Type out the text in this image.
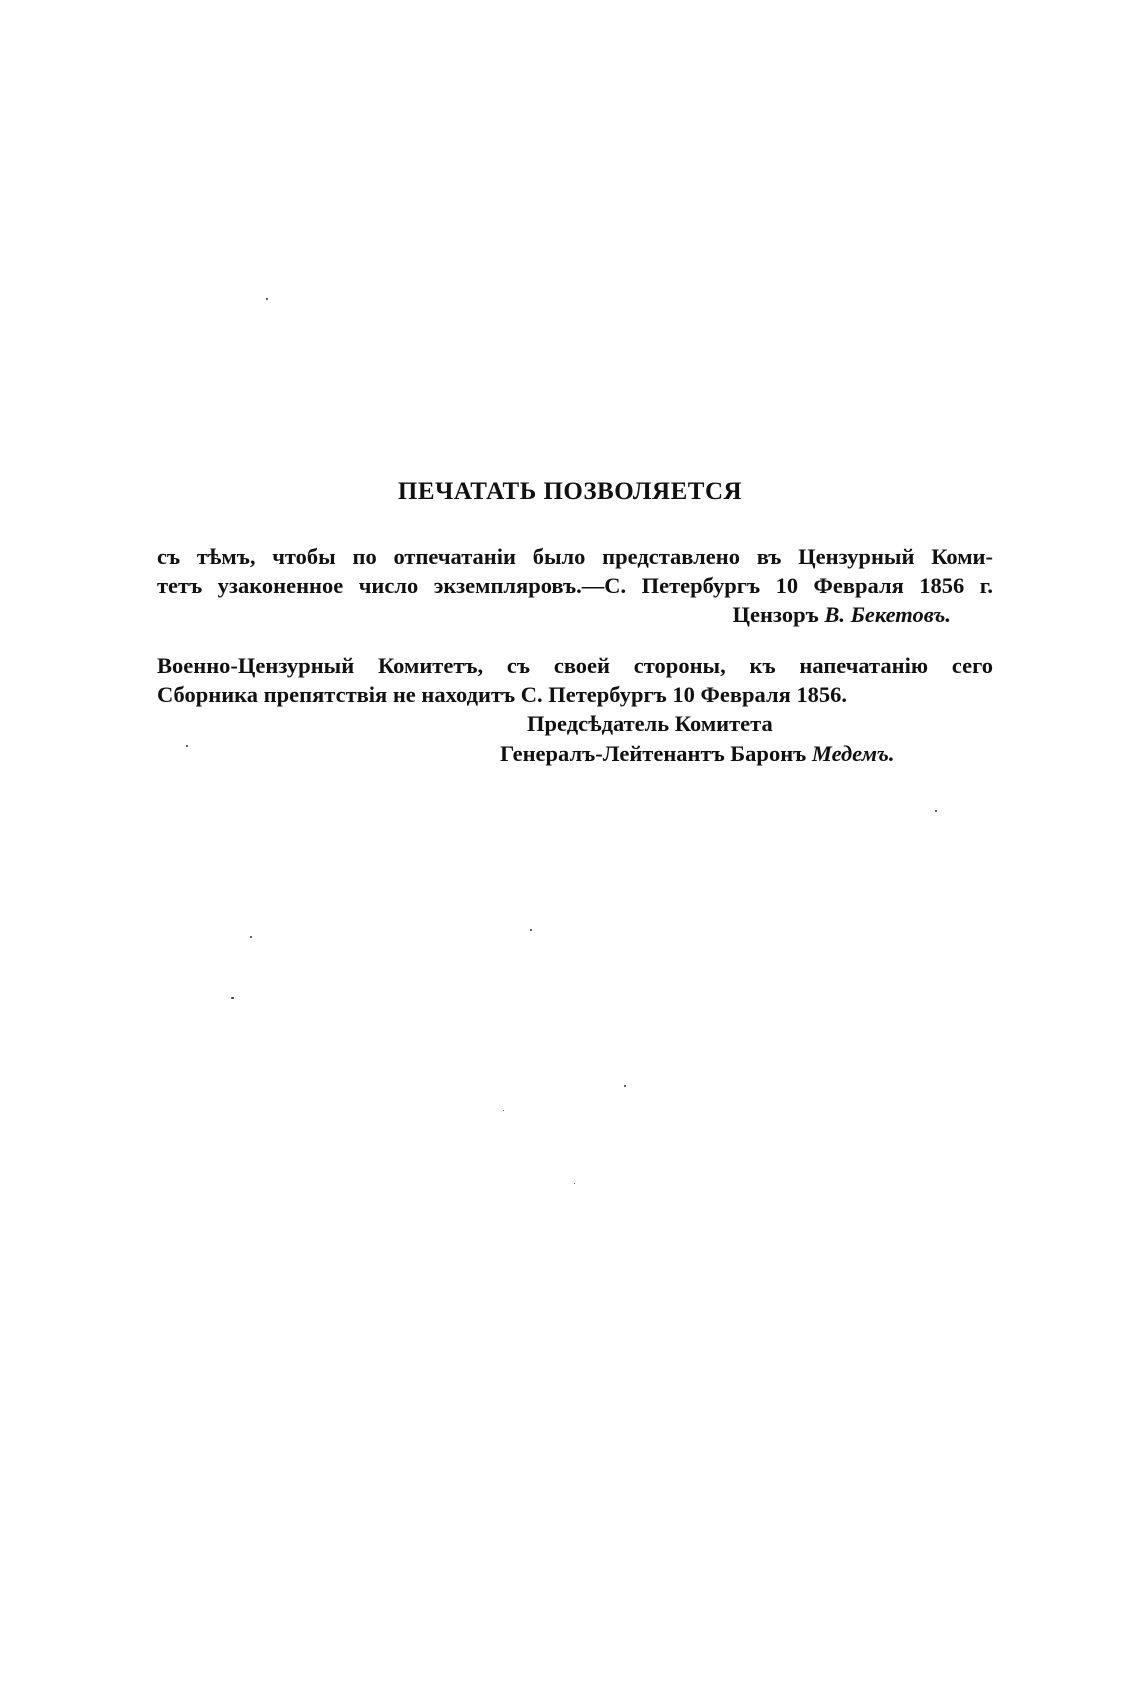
ПЕЧАТАТЬ ПОЗВОЛЯЕТСЯ
съ тѣмъ, чтобы по отпечатаніи было представлено въ Цензурный Коми-
тетъ узаконенное число экземпляровъ.—С. Петербургъ 10 Февраля 1856 г.
Цензоръ В. Бекетовъ.
Военно-Цензурный Комитетъ, съ своей стороны, къ напечатанію сего
Сборника препятствія не находитъ С. Петербургъ 10 Февраля 1856.
Предсѣдатель Комитета
Генералъ-Лейтенантъ Баронъ Медемъ.
